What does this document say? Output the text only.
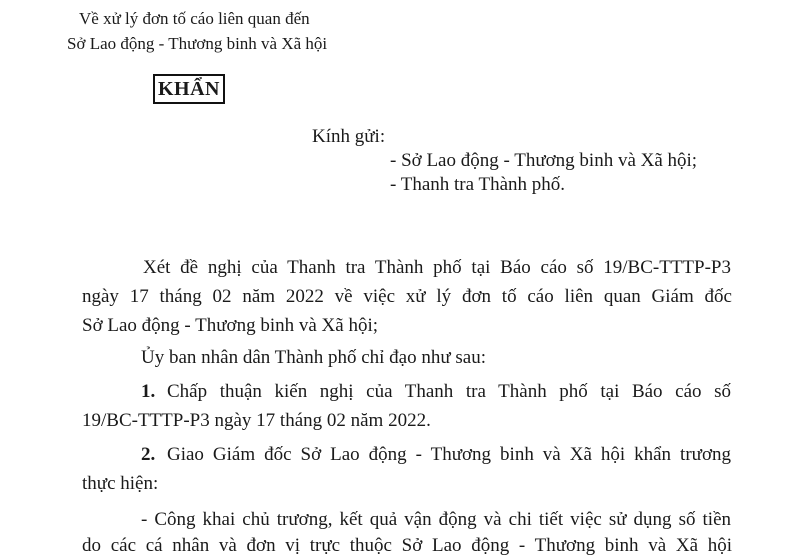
Về xử lý đơn tố cáo liên quan đến
Sở Lao động - Thương binh và Xã hội
KHẨN
Kính gửi:
- Sở Lao động - Thương binh và Xã hội;
- Thanh tra Thành phố.
Xét đề nghị của Thanh tra Thành phố tại Báo cáo số 19/BC-TTTP-P3
ngày 17 tháng 02 năm 2022 về việc xử lý đơn tố cáo liên quan Giám đốc
Sở Lao động - Thương binh và Xã hội;
Ủy ban nhân dân Thành phố chỉ đạo như sau:
1. Chấp thuận kiến nghị của Thanh tra Thành phố tại Báo cáo số
19/BC-TTTP-P3 ngày 17 tháng 02 năm 2022.
2. Giao Giám đốc Sở Lao động - Thương binh và Xã hội khẩn trương
thực hiện:
- Công khai chủ trương, kết quả vận động và chi tiết việc sử dụng số tiền
do các cá nhân và đơn vị trực thuộc Sở Lao động - Thương binh và Xã hội
